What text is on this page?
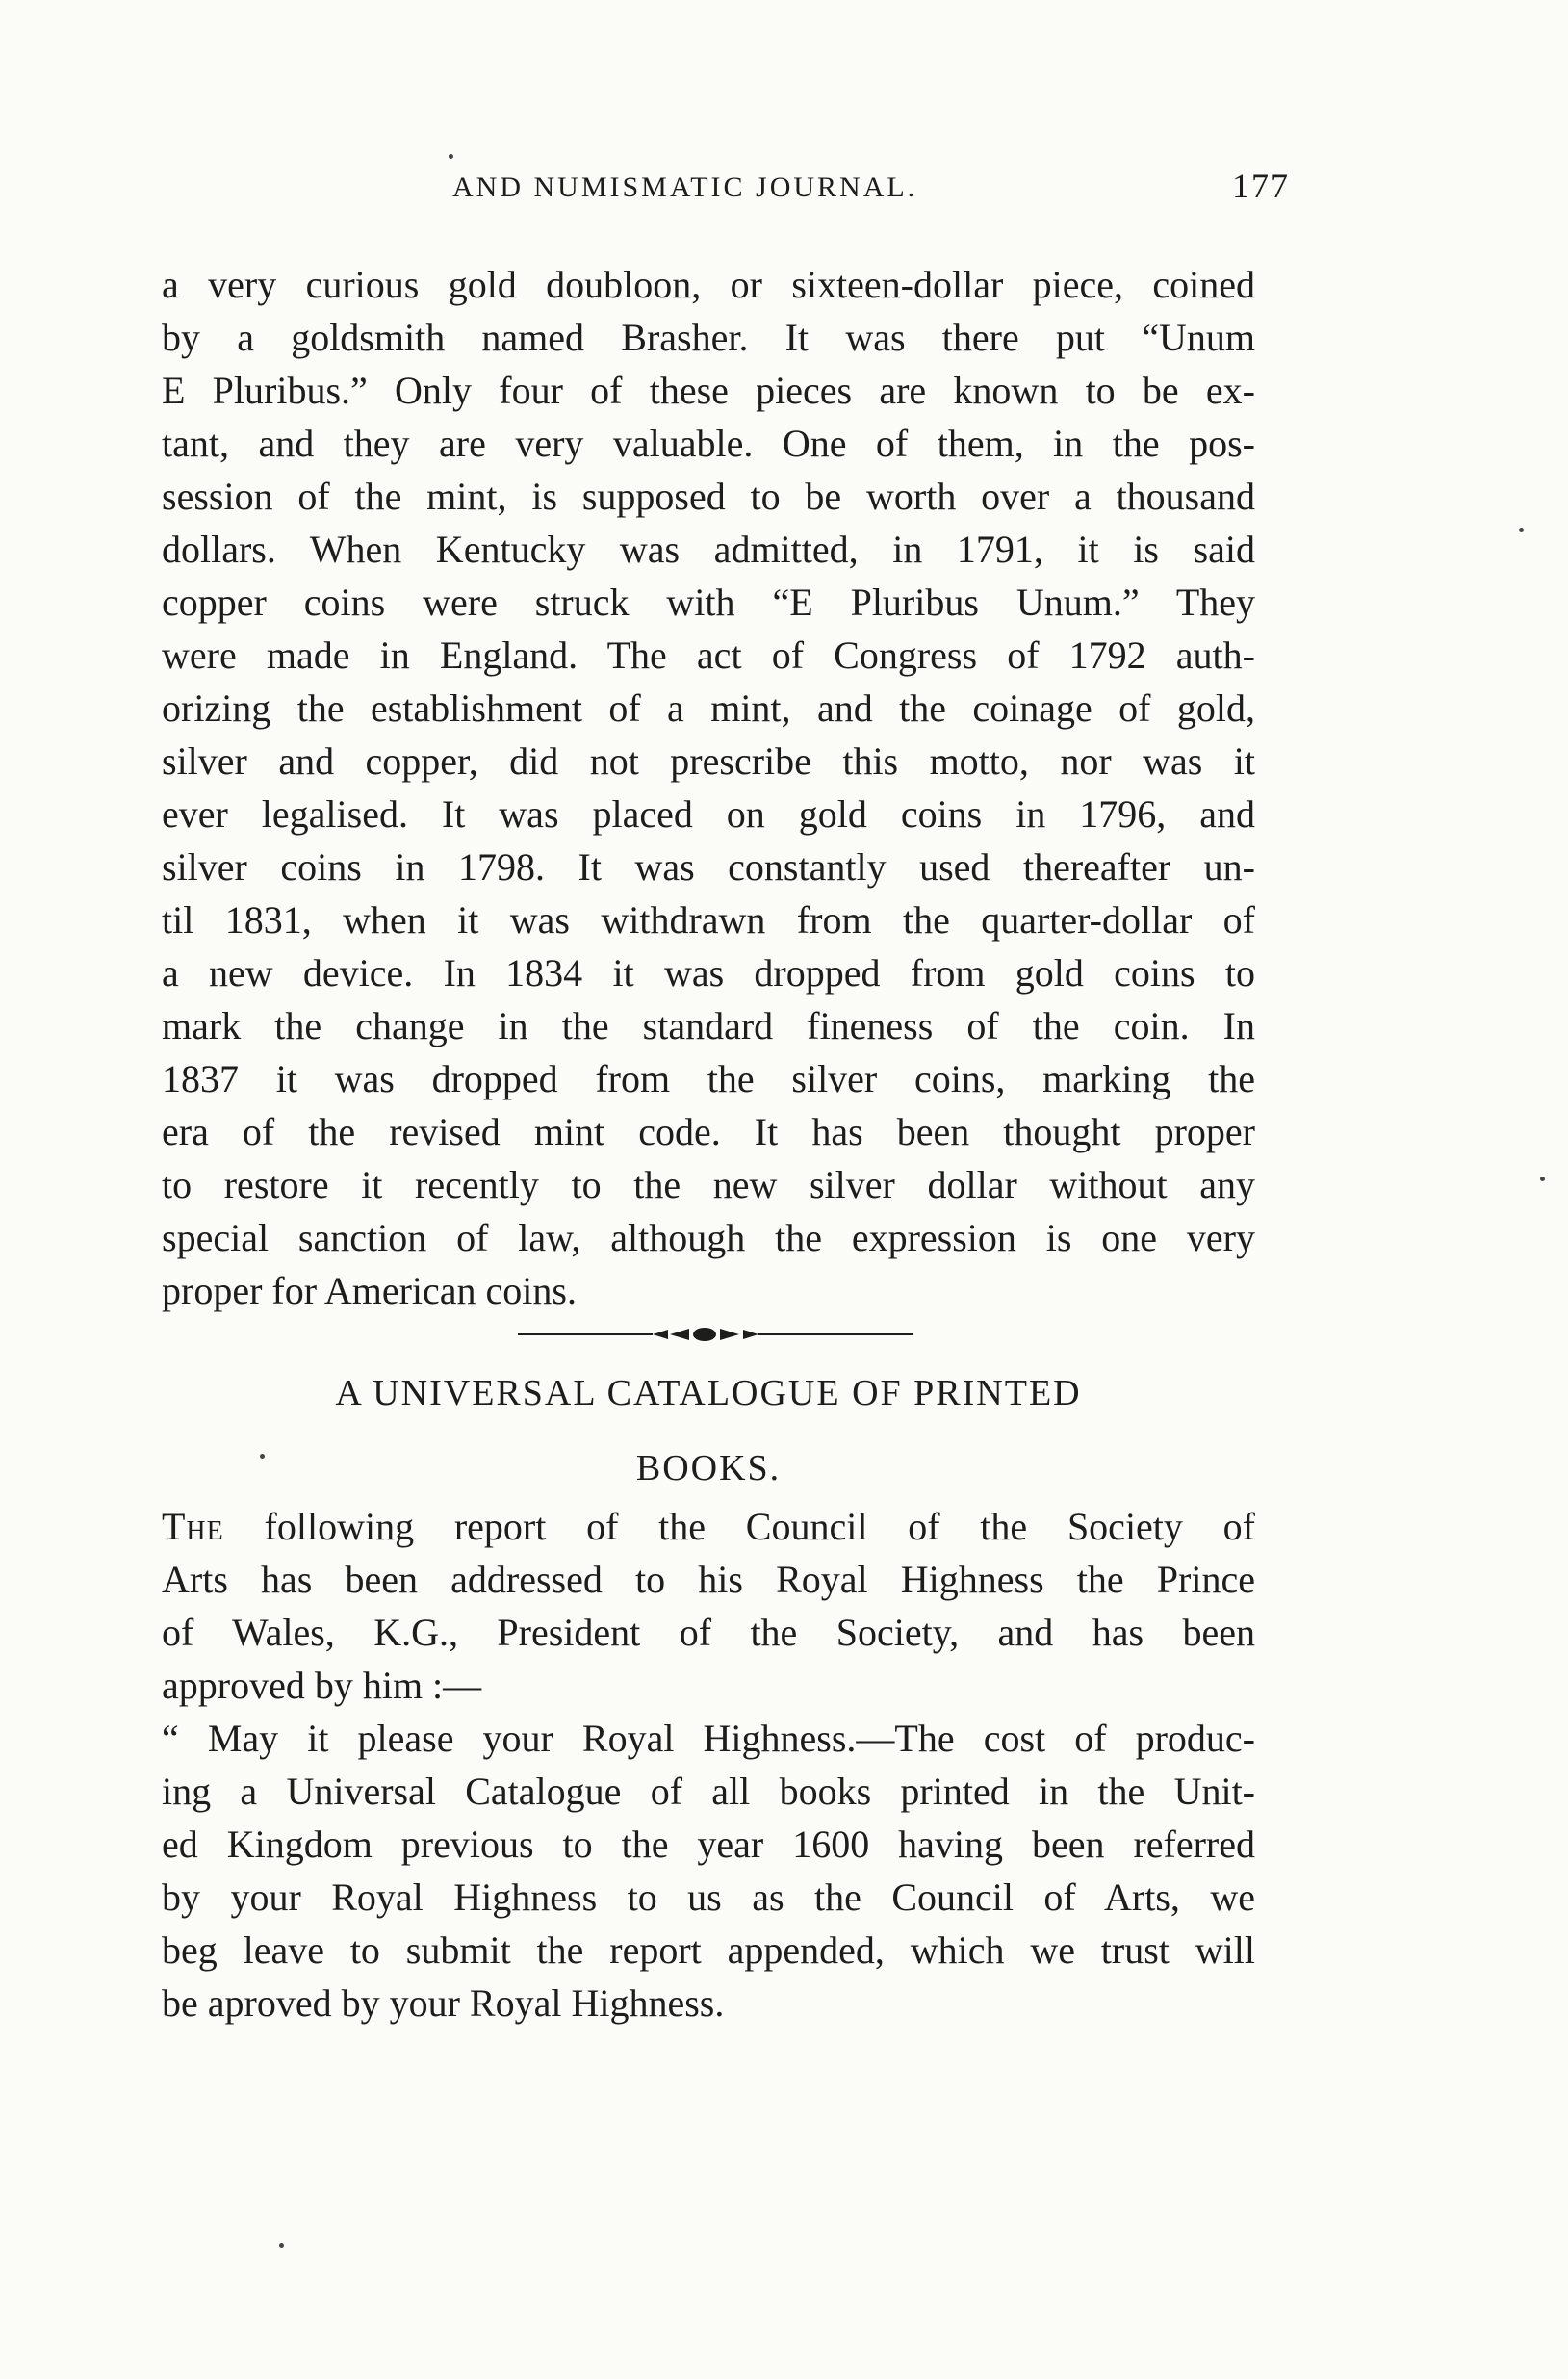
AND NUMISMATIC JOURNAL.	177
a very curious gold doubloon, or sixteen-dollar piece, coined
by a goldsmith named Brasher. It was there put “Unum
E Pluribus.” Only four of these pieces are known to be ex-
tant, and they are very valuable. One of them, in the pos-
session of the mint, is supposed to be worth over a thousand
dollars. When Kentucky was admitted, in 1791, it is said
copper coins were struck with “E Pluribus Unum.” They
were made in England. The act of Congress of 1792 auth-
orizing the establishment of a mint, and the coinage of gold,
silver and copper, did not prescribe this motto, nor was it
ever legalised. It was placed on gold coins in 1796, and
silver coins in 1798. It was constantly used thereafter un-
til 1831, when it was withdrawn from the quarter-dollar of
a new device. In 1834 it was dropped from gold coins to
mark the change in the standard fineness of the coin. In
1837 it was dropped from the silver coins, marking the
era of the revised mint code. It has been thought proper
to restore it recently to the new silver dollar without any
special sanction of law, although the expression is one very
proper for American coins.
A UNIVERSAL CATALOGUE OF PRINTED
BOOKS.
The following report of the Council of the Society of
Arts has been addressed to his Royal Highness the Prince
of Wales, K.G., President of the Society, and has been
approved by him :—
“ May it please your Royal Highness.—The cost of produc-
ing a Universal Catalogue of all books printed in the Unit-
ed Kingdom previous to the year 1600 having been referred
by your Royal Highness to us as the Council of Arts, we
beg leave to submit the report appended, which we trust will
be aproved by your Royal Highness.
